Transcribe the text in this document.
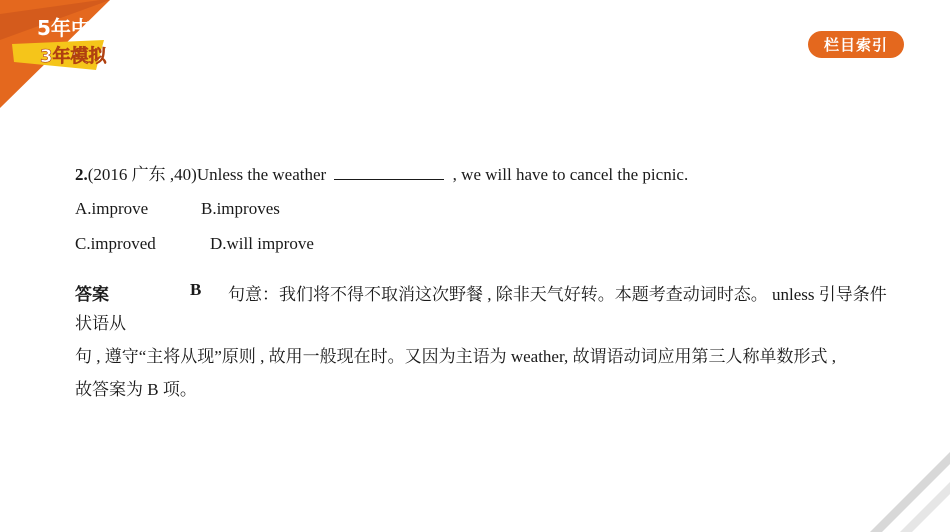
5年中考
3年模拟
栏目索引
2.(2016 广东 ,40)Unless the weather	, we will have to cancel the picnic.
A.improve	B.improves
C.improved	D.will improve
答案	B 句意：我们将不得不取消这次野餐 , 除非天气好转。本题考查动词时态。 unless 引导条件
状语从
句 , 遵守“主将从现”原则 , 故用一般现在时。又因为主语为 weather, 故谓语动词应用第三人称单数形式 ,
故答案为 B 项。
